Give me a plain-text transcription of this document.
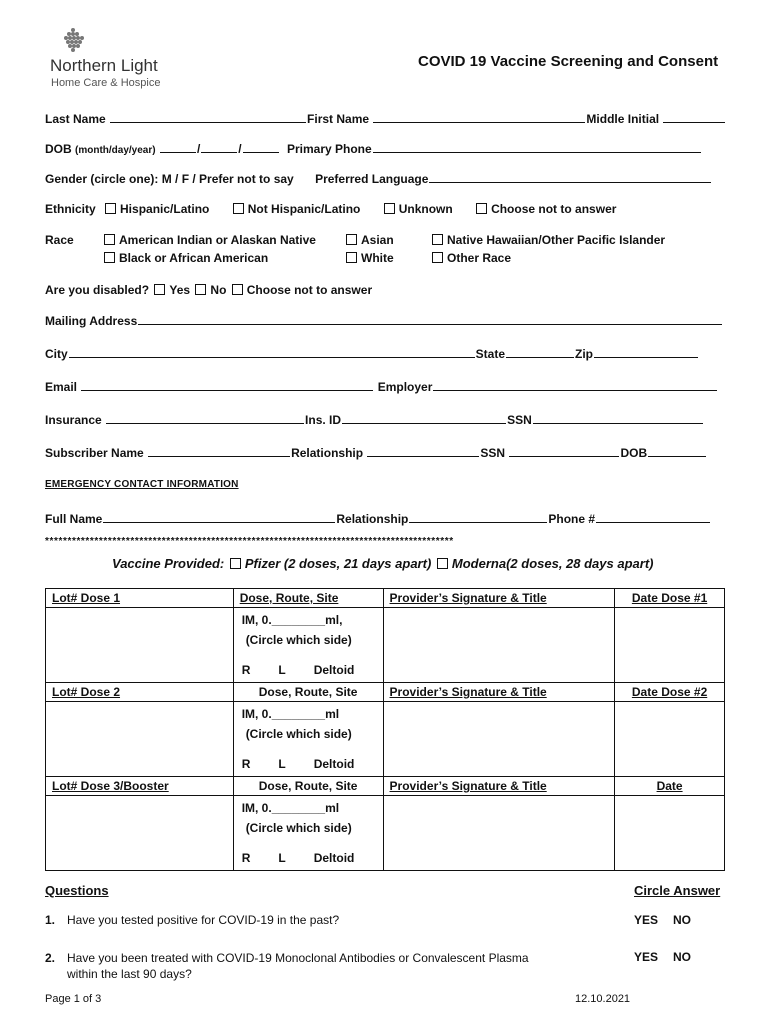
Northern Light
Home Care & Hospice
COVID 19 Vaccine Screening and Consent
Last Name	First Name	Middle Initial
DOB (month/day/year)	/	/	Primary Phone
Gender (circle one): M / F / Prefer not to say Preferred Language
Ethnicity Hispanic/Latino	Not Hispanic/Latino	Unknown	Choose not to answer
Race	American Indian or Alaskan Native	Asian	Native Hawaiian/Other Pacific Islander
Black or African American	White	Other Race
Are you disabled? Yes No Choose not to answer
Mailing Address
City	State	Zip
Email	Employer
Insurance	Ins. ID	SSN
Subscriber Name	Relationship	SSN	DOB
EMERGENCY CONTACT INFORMATION
Full Name	Relationship	Phone #
*******************************************************************************************
Vaccine Provided: Pfizer (2 doses, 21 days apart) Moderna(2 doses, 28 days apart)
Lot# Dose 1	Dose, Route, Site	Provider’s Signature & Title	Date Dose #1

	IM, 0.________ml,
(Circle which side)
R L Deltoid		

Lot# Dose 2	Dose, Route, Site	Provider’s Signature & Title	Date Dose #2

	IM, 0.________ml
(Circle which side)
R L Deltoid		

Lot# Dose 3/Booster	Dose, Route, Site	Provider’s Signature & Title	Date

	IM, 0.________ml
(Circle which side)
R L Deltoid		

Questions	Circle Answer
1. Have you tested positive for COVID-19 in the past?	YES NO
2. Have you been treated with COVID-19 Monoclonal Antibodies or Convalescent Plasma
within the last 90 days?
YES NO
Page 1 of 3	12.10.2021
